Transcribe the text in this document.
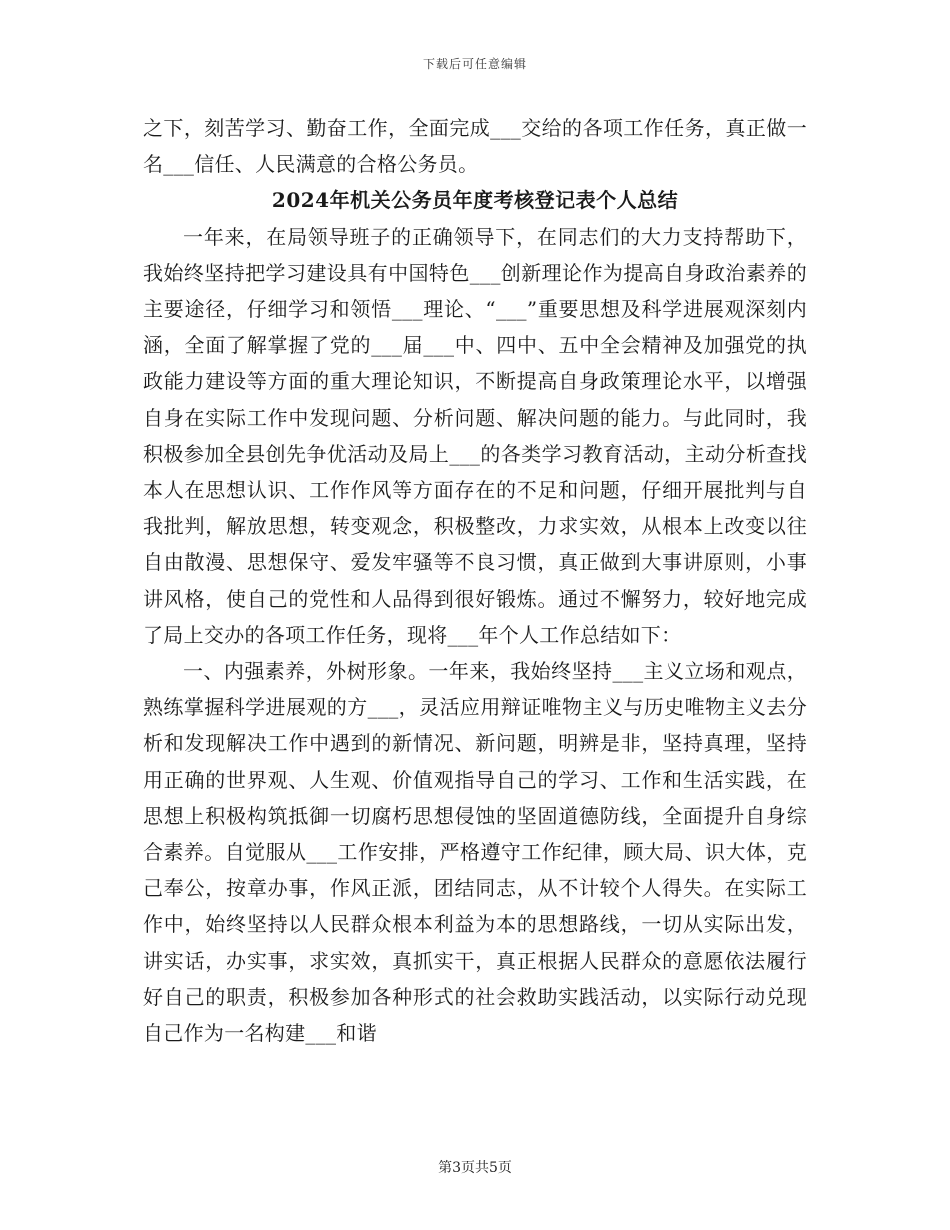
下载后可任意编辑

之下，刻苦学习、勤奋工作，全面完成___交给的各项工作任务，真正做一名___信任、人民满意的合格公务员。

2024年机关公务员年度考核登记表个人总结

一年来，在局领导班子的正确领导下，在同志们的大力支持帮助下，我始终坚持把学习建设具有中国特色___创新理论作为提高自身政治素养的主要途径，仔细学习和领悟___理论、“___”重要思想及科学进展观深刻内涵，全面了解掌握了党的___届___中、四中、五中全会精神及加强党的执政能力建设等方面的重大理论知识，不断提高自身政策理论水平，以增强自身在实际工作中发现问题、分析问题、解决问题的能力。与此同时，我积极参加全县创先争优活动及局上___的各类学习教育活动，主动分析查找本人在思想认识、工作作风等方面存在的不足和问题，仔细开展批判与自我批判，解放思想，转变观念，积极整改，力求实效，从根本上改变以往自由散漫、思想保守、爱发牢骚等不良习惯，真正做到大事讲原则，小事讲风格，使自己的党性和人品得到很好锻炼。通过不懈努力，较好地完成了局上交办的各项工作任务，现将___年个人工作总结如下：

一、内强素养，外树形象。一年来，我始终坚持___主义立场和观点，熟练掌握科学进展观的方___，灵活应用辩证唯物主义与历史唯物主义去分析和发现解决工作中遇到的新情况、新问题，明辨是非，坚持真理，坚持用正确的世界观、人生观、价值观指导自己的学习、工作和生活实践，在思想上积极构筑抵御一切腐朽思想侵蚀的坚固道德防线，全面提升自身综合素养。自觉服从___工作安排，严格遵守工作纪律，顾大局、识大体，克己奉公，按章办事，作风正派，团结同志，从不计较个人得失。在实际工作中，始终坚持以人民群众根本利益为本的思想路线，一切从实际出发，讲实话，办实事，求实效，真抓实干，真正根据人民群众的意愿依法履行好自己的职责，积极参加各种形式的社会救助实践活动，以实际行动兑现自己作为一名构建___和谐

第3页共5页
